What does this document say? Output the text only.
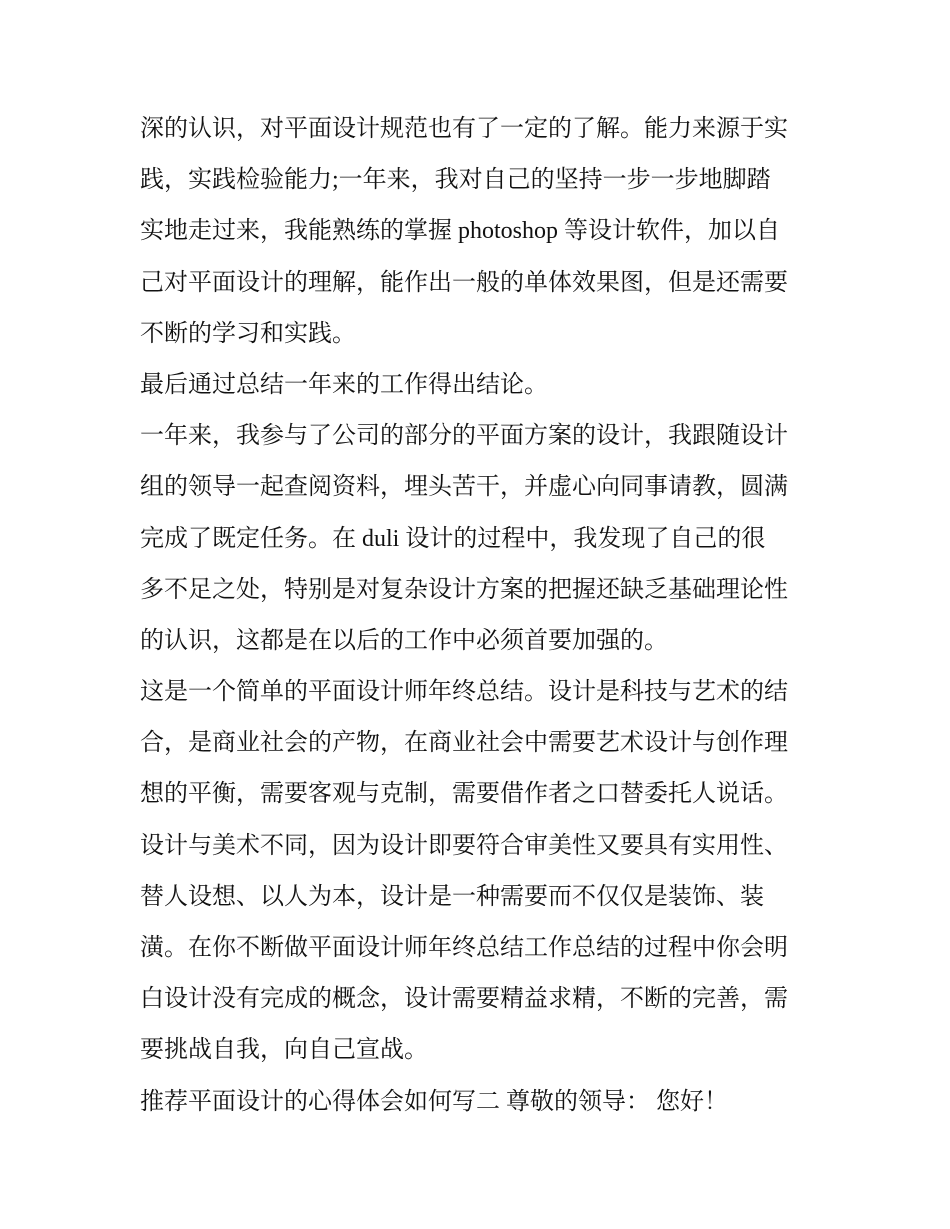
深的认识，对平面设计规范也有了一定的了解。能力来源于实
践，实践检验能力;一年来，我对自己的坚持一步一步地脚踏
实地走过来，我能熟练的掌握 photoshop 等设计软件，加以自
己对平面设计的理解，能作出一般的单体效果图，但是还需要
不断的学习和实践。
最后通过总结一年来的工作得出结论。
一年来，我参与了公司的部分的平面方案的设计，我跟随设计
组的领导一起查阅资料，埋头苦干，并虚心向同事请教，圆满
完成了既定任务。在 duli 设计的过程中，我发现了自己的很
多不足之处，特别是对复杂设计方案的把握还缺乏基础理论性
的认识，这都是在以后的工作中必须首要加强的。
这是一个简单的平面设计师年终总结。设计是科技与艺术的结
合，是商业社会的产物，在商业社会中需要艺术设计与创作理
想的平衡，需要客观与克制，需要借作者之口替委托人说话。
设计与美术不同，因为设计即要符合审美性又要具有实用性、
替人设想、以人为本，设计是一种需要而不仅仅是装饰、装
潢。在你不断做平面设计师年终总结工作总结的过程中你会明
白设计没有完成的概念，设计需要精益求精，不断的完善，需
要挑战自我，向自己宣战。
推荐平面设计的心得体会如何写二 尊敬的领导： 您好！
